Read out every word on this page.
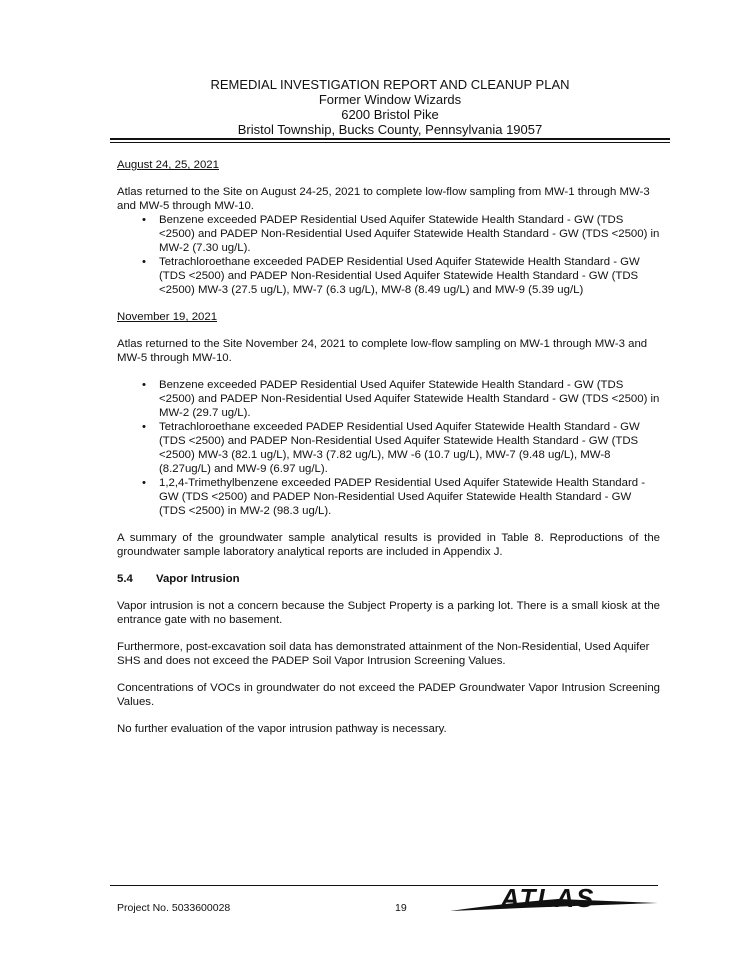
REMEDIAL INVESTIGATION REPORT AND CLEANUP PLAN
Former Window Wizards
6200 Bristol Pike
Bristol Township, Bucks County, Pennsylvania 19057

August 24, 25, 2021

Atlas returned to the Site on August 24-25, 2021 to complete low-flow sampling from MW-1 through MW-3 and MW-5 through MW-10.

• Benzene exceeded PADEP Residential Used Aquifer Statewide Health Standard - GW (TDS <2500) and PADEP Non-Residential Used Aquifer Statewide Health Standard - GW (TDS <2500) in MW-2 (7.30 ug/L).
• Tetrachloroethane exceeded PADEP Residential Used Aquifer Statewide Health Standard - GW (TDS <2500) and PADEP Non-Residential Used Aquifer Statewide Health Standard - GW (TDS <2500) MW-3 (27.5 ug/L), MW-7 (6.3 ug/L), MW-8 (8.49 ug/L) and MW-9 (5.39 ug/L)

November 19, 2021

Atlas returned to the Site November 24, 2021 to complete low-flow sampling on MW-1 through MW-3 and MW-5 through MW-10.

• Benzene exceeded PADEP Residential Used Aquifer Statewide Health Standard - GW (TDS <2500) and PADEP Non-Residential Used Aquifer Statewide Health Standard - GW (TDS <2500) in MW-2 (29.7 ug/L).
• Tetrachloroethane exceeded PADEP Residential Used Aquifer Statewide Health Standard - GW (TDS <2500) and PADEP Non-Residential Used Aquifer Statewide Health Standard - GW (TDS <2500) MW-3 (82.1 ug/L), MW-3 (7.82 ug/L), MW -6 (10.7 ug/L), MW-7 (9.48 ug/L), MW-8 (8.27ug/L) and MW-9 (6.97 ug/L).
• 1,2,4-Trimethylbenzene exceeded PADEP Residential Used Aquifer Statewide Health Standard - GW (TDS <2500) and PADEP Non-Residential Used Aquifer Statewide Health Standard - GW (TDS <2500) in MW-2 (98.3 ug/L).

A summary of the groundwater sample analytical results is provided in Table 8. Reproductions of the groundwater sample laboratory analytical reports are included in Appendix J.

5.4	Vapor Intrusion

Vapor intrusion is not a concern because the Subject Property is a parking lot. There is a small kiosk at the entrance gate with no basement.

Furthermore, post-excavation soil data has demonstrated attainment of the Non-Residential, Used Aquifer SHS and does not exceed the PADEP Soil Vapor Intrusion Screening Values.

Concentrations of VOCs in groundwater do not exceed the PADEP Groundwater Vapor Intrusion Screening Values.

No further evaluation of the vapor intrusion pathway is necessary.

Project No. 5033600028	19	ATLAS
